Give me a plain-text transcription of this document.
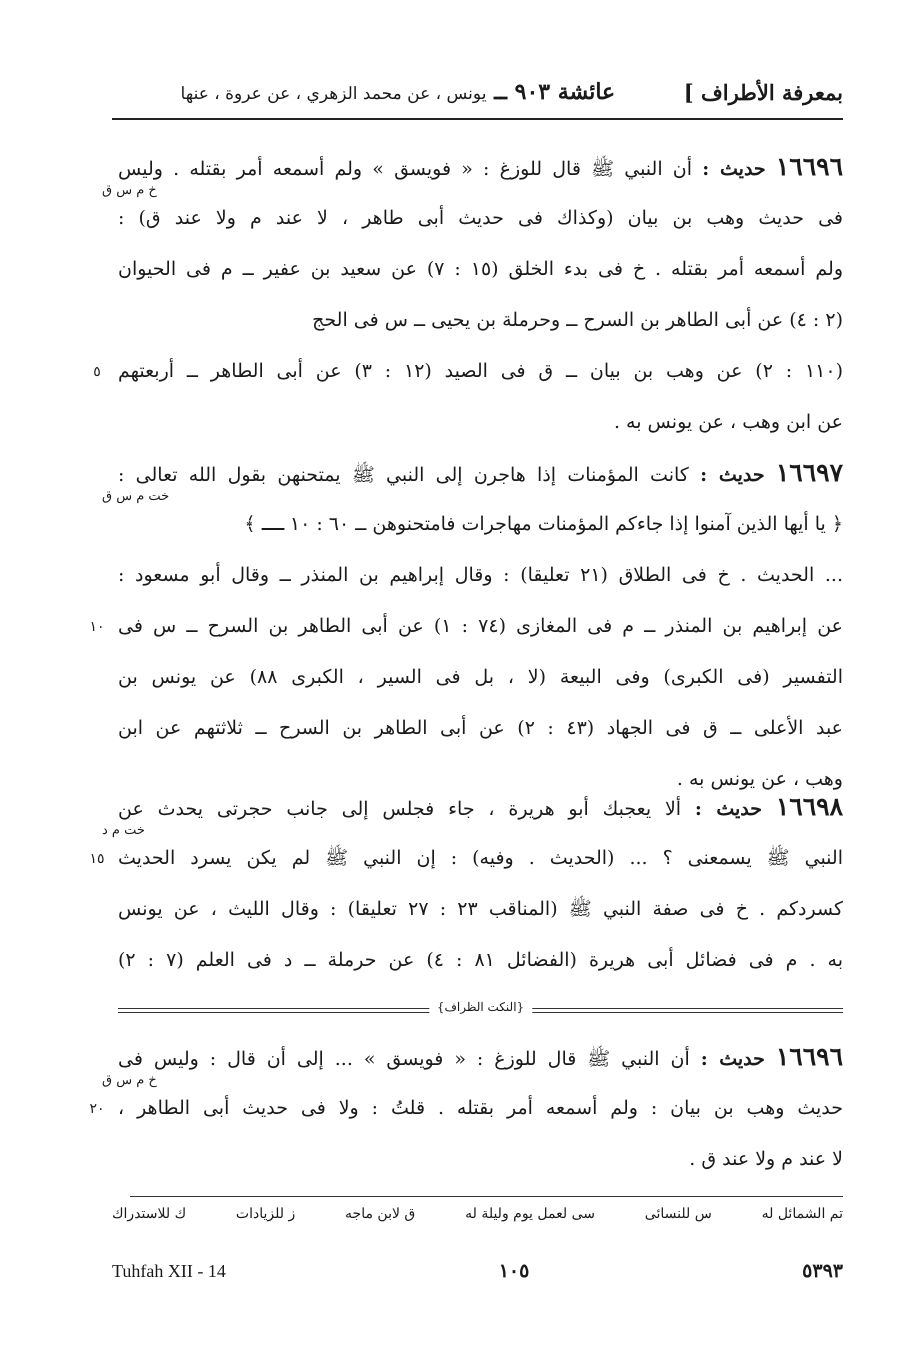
بمعرفة الأطراف ]
عائشة ٩٠٣ ــ يونس ، عن محمد الزهري ، عن عروة ، عنها
خ م س ق
١٦٦٩٦ حديث : أن النبي ﷺ قال للوزغ : « فويسق » ولم أسمعه أمر بقتله . وليس
فى حديث وهب بن بيان (وكذاك فى حديث أبى طاهر ، لا عند م ولا عند ق) :
ولم أسمعه أمر بقتله . خ فى بدء الخلق (١٥ : ٧) عن سعيد بن عفير ــ م فى الحيوان
(٢ : ٤) عن أبى الطاهر بن السرح ــ وحرملة بن يحيى ــ س فى الحج
(١١٠ : ٢) عن وهب بن بيان ــ ق فى الصيد (١٢ : ٣) عن أبى الطاهر ــ أربعتهم
٥
عن ابن وهب ، عن يونس به .
خت م س ق
١٦٦٩٧ حديث : كانت المؤمنات إذا هاجرن إلى النبي ﷺ يمتحنهن بقول الله تعالى :
﴿ يا أيها الذين آمنوا إذا جاءكم المؤمنات مهاجرات فامتحنوهن ــ ٦٠ : ١٠ ــ ﴾
... الحديث . خ فى الطلاق (٢١ تعليقا) : وقال إبراهيم بن المنذر ــ وقال أبو مسعود :
عن إبراهيم بن المنذر ــ م فى المغازى (٧٤ : ١) عن أبى الطاهر بن السرح ــ س فى
١٠
التفسير (فى الكبرى) وفى البيعة (لا ، بل فى السير ، الكبرى ٨٨) عن يونس بن
عبد الأعلى ــ ق فى الجهاد (٤٣ : ٢) عن أبى الطاهر بن السرح ــ ثلاثتهم عن ابن
وهب ، عن يونس به .
خت م د
١٦٦٩٨ حديث : ألا يعجبك أبو هريرة ، جاء فجلس إلى جانب حجرتى يحدث عن
النبي ﷺ يسمعنى ؟ ... (الحديث . وفيه) : إن النبي ﷺ لم يكن يسرد الحديث
١٥
كسردكم . خ فى صفة النبي ﷺ (المناقب ٢٣ : ٢٧ تعليقا) : وقال الليث ، عن يونس
به . م فى فضائل أبى هريرة (الفضائل ٨١ : ٤) عن حرملة ــ د فى العلم (٧ : ٢)
خ م س ق
١٦٦٩٦ حديث : أن النبي ﷺ قال للوزغ : « فويسق » ... إلى أن قال : وليس فى
حديث وهب بن بيان : ولم أسمعه أمر بقتله . قلتُ : ولا فى حديث أبى الطاهر ،
٢٠
لا عند م ولا عند ق .
{النكت الظراف}
تم الشمائل له
س للنسائى
سى لعمل يوم وليلة له
ق لابن ماجه
ز للزيادات
ك للاستدراك
Tuhfah XII - 14	١٠٥	٥٣٩٣
